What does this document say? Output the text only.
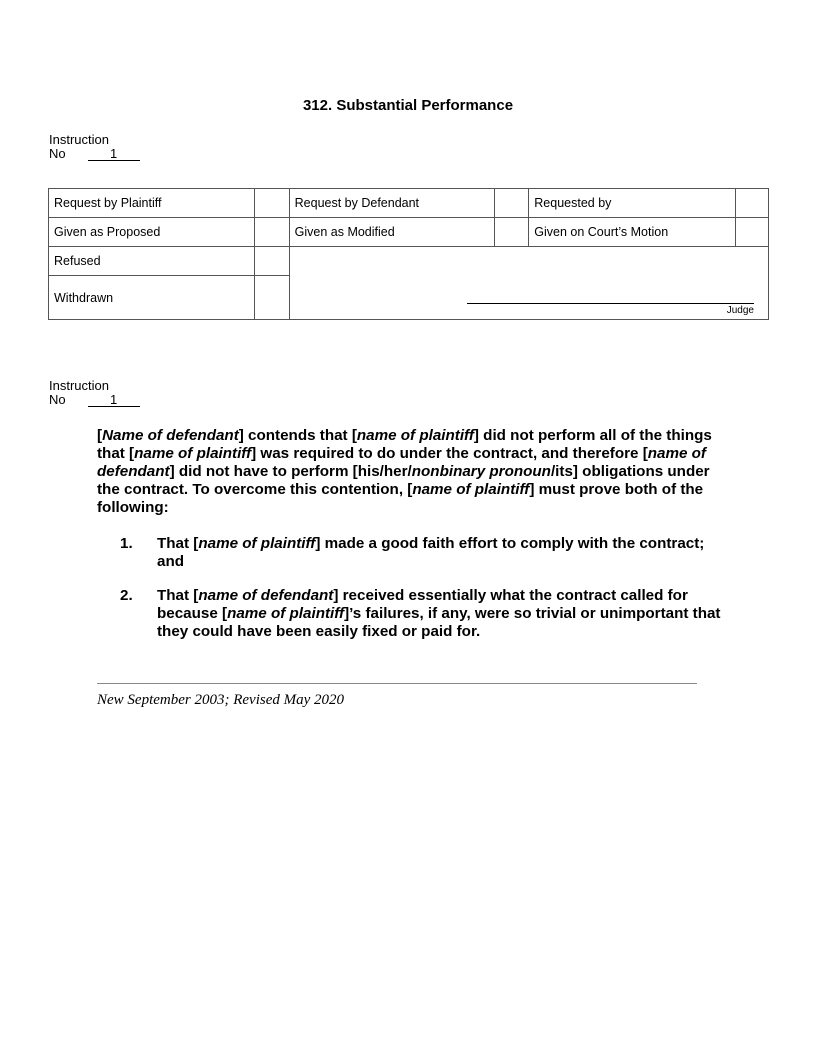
312. Substantial Performance
Instruction
No	1
Request by Plaintiff		Request by Defendant		Requested by	
Given as Proposed		Given as Modified		Given on Court’s Motion	
Refused		Judge			

Withdrawn					
Instruction
No	1

[Name of defendant] contends that [name of plaintiff] did not perform all of the things that [name of plaintiff] was required to do under the contract, and therefore [name of defendant] did not have to perform [his/her/nonbinary pronoun/its] obligations under the contract. To overcome this contention, [name of plaintiff] must prove both of the following:

1.	That [name of plaintiff] made a good faith effort to comply with the contract; and
2.	That [name of defendant] received essentially what the contract called for because [name of plaintiff]’s failures, if any, were so trivial or unimportant that they could have been easily fixed or paid for.
New September 2003; Revised May 2020
